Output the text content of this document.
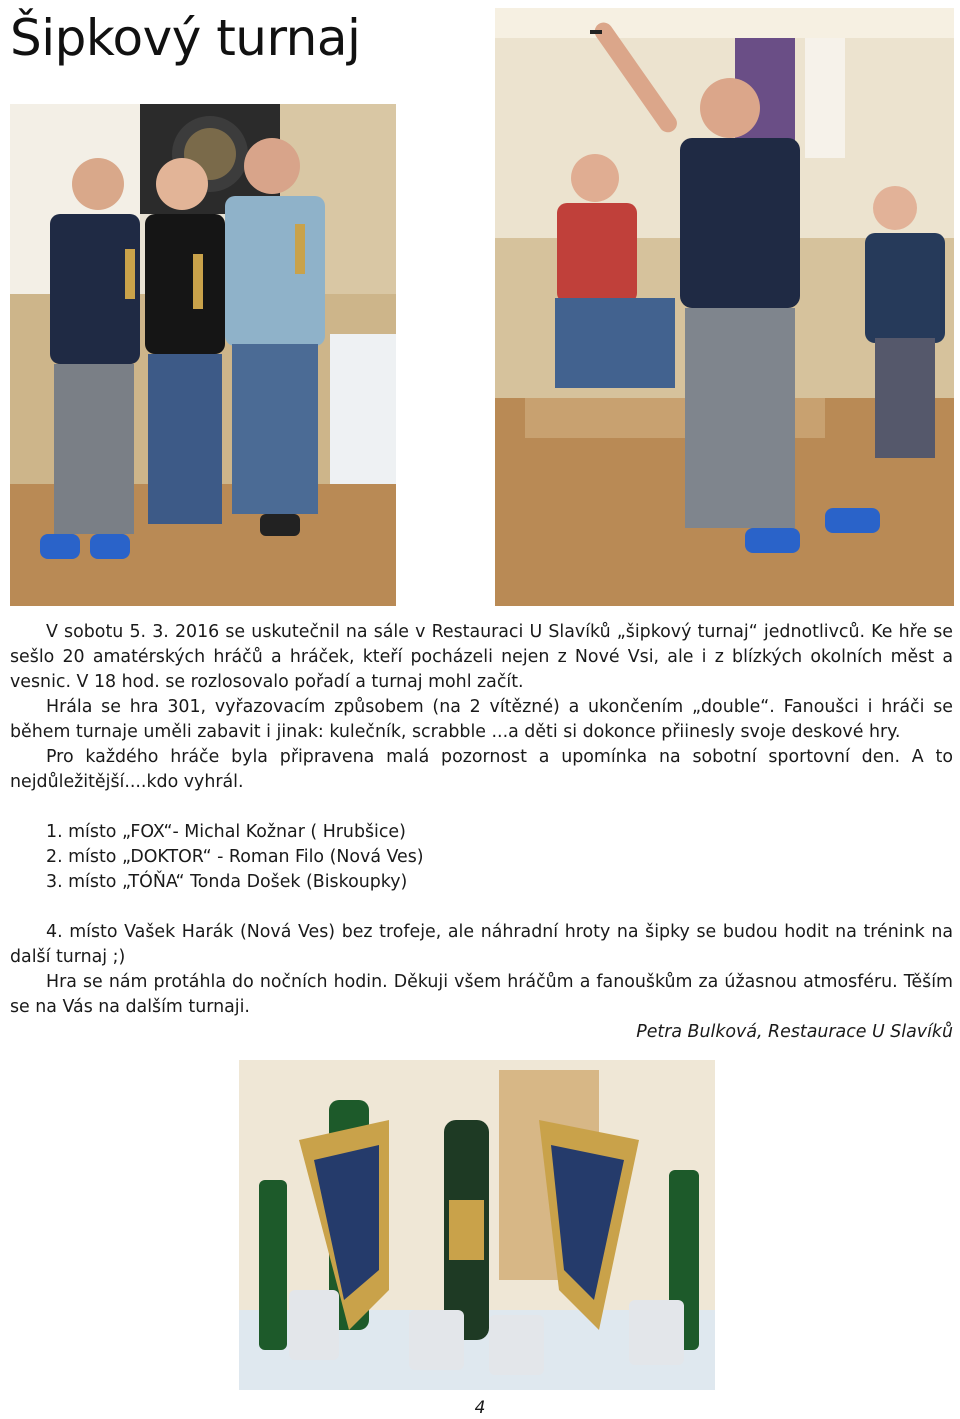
Šipkový turnaj

V sobotu 5. 3. 2016 se uskutečnil na sále v Restauraci U Slavíků „šipkový turnaj“ jednotlivců. Ke hře se sešlo 20 amatérských hráčů a hráček, kteří pocházeli nejen z Nové Vsi, ale i z blízkých okolních měst a vesnic. V 18 hod. se rozlosovalo pořadí a turnaj mohl začít.

Hrála se hra 301, vyřazovacím způsobem (na 2 vítězné) a ukončením „double“. Fanoušci i hráči se během turnaje uměli zabavit i jinak: kulečník, scrabble ...a děti si dokonce přiinesly svoje deskové hry.

Pro každého hráče byla připravena malá pozornost a upomínka na sobotní sportovní den. A to nejdůležitější....kdo vyhrál.

1. místo „FOX“- Michal Kožnar ( Hrubšice)

2. místo „DOKTOR“ - Roman Filo (Nová Ves)

3. místo „TÓŇA“ Tonda Došek (Biskoupky)

4. místo Vašek Harák (Nová Ves) bez trofeje, ale náhradní hroty na šipky se budou hodit na trénink na další turnaj ;)

Hra se nám protáhla do nočních hodin. Děkuji všem hráčům a fanouškům za úžasnou atmosféru. Těším se na Vás na dalším turnaji.

Petra Bulková, Restaurace U Slavíků

4
